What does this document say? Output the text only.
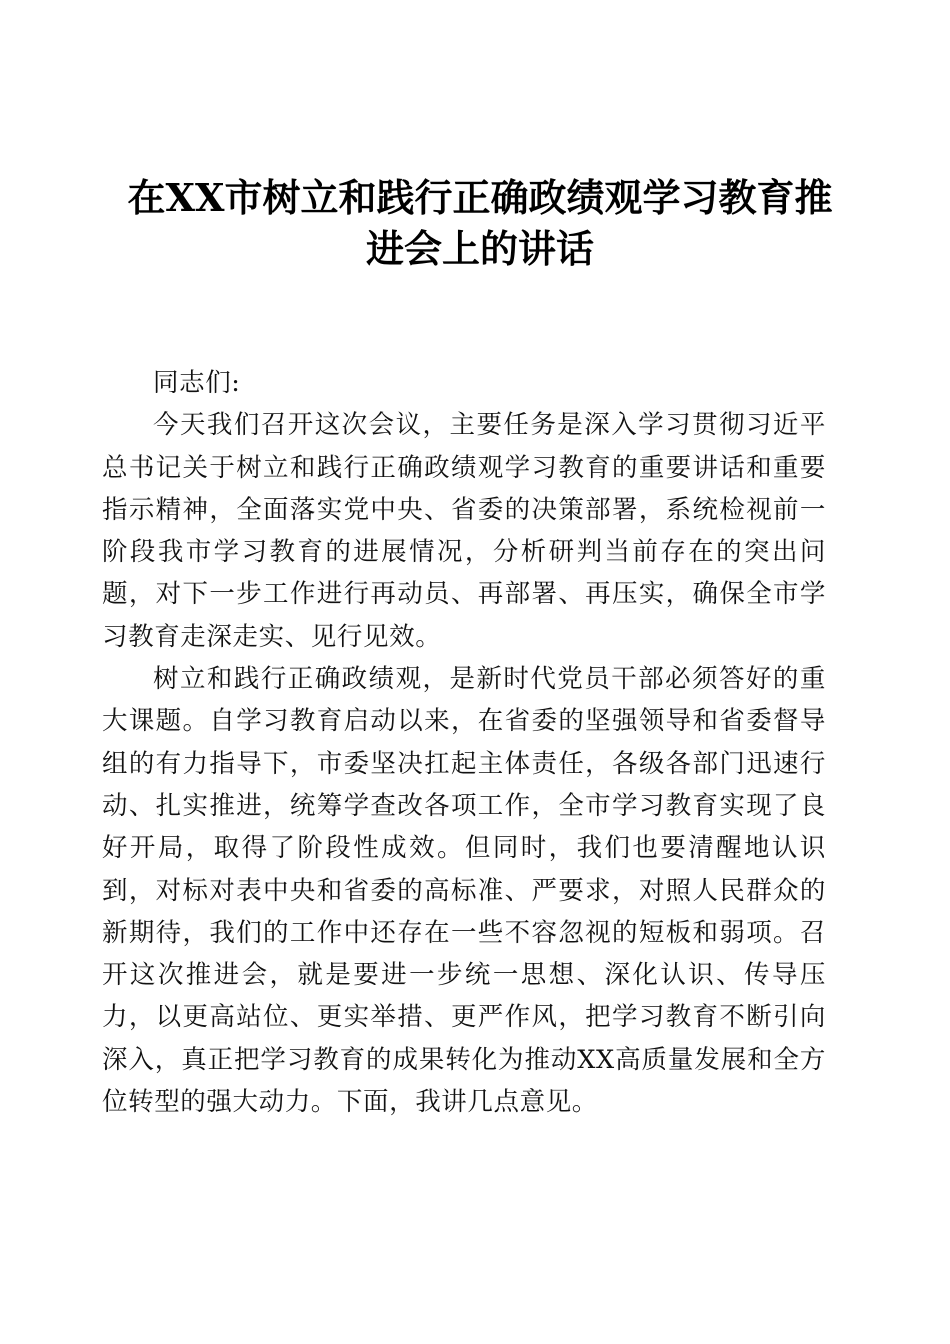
在XX市树立和践行正确政绩观学习教育推进会上的讲话

同志们:

今天我们召开这次会议，主要任务是深入学习贯彻习近平总书记关于树立和践行正确政绩观学习教育的重要讲话和重要指示精神，全面落实党中央、省委的决策部署，系统检视前一阶段我市学习教育的进展情况，分析研判当前存在的突出问题，对下一步工作进行再动员、再部署、再压实，确保全市学习教育走深走实、见行见效。

树立和践行正确政绩观，是新时代党员干部必须答好的重大课题。自学习教育启动以来，在省委的坚强领导和省委督导组的有力指导下，市委坚决扛起主体责任，各级各部门迅速行动、扎实推进，统筹学查改各项工作，全市学习教育实现了良好开局，取得了阶段性成效。但同时，我们也要清醒地认识到，对标对表中央和省委的高标准、严要求，对照人民群众的新期待，我们的工作中还存在一些不容忽视的短板和弱项。召开这次推进会，就是要进一步统一思想、深化认识、传导压力，以更高站位、更实举措、更严作风，把学习教育不断引向深入，真正把学习教育的成果转化为推动XX高质量发展和全方位转型的强大动力。下面，我讲几点意见。
